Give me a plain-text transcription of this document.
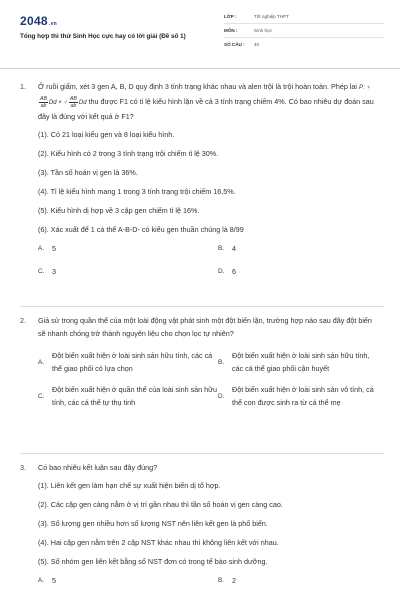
2048.vn
Tổng hợp thi thử Sinh Học cực hay có lời giải (Đề số 1)
LỚP :	Tốt nghiệp THPT
MÔN :	Sinh học
SỐ CÂU :	40
1.	Ở ruồi giấm, xét 3 gen A, B, D quy định 3 tính trạng khác nhau và alen trội là trội hoàn toàn. Phép lai P: ♀
$\frac{AB}{ab}$ Dd × ♂ $\frac{AB}{ab}$ Dd thu được F1 có tỉ lệ kiểu hình lặn về cả 3 tính trạng chiếm 4%. Có bao nhiêu dự đoán sau đây là đúng với kết quả ở F1?
(1). Có 21 loại kiểu gen và 8 loại kiểu hình.
(2). Kiểu hình có 2 trong 3 tính trạng trội chiếm tỉ lệ 30%.
(3). Tần số hoán vị gen là 36%.
(4). Tỉ lệ kiểu hình mang 1 trong 3 tính trạng trội chiếm 16,5%.
(5). Kiểu hình dị hợp về 3 cặp gen chiếm tỉ lệ 16%.
(6). Xác xuất để 1 cá thể A-B-D- có kiểu gen thuần chủng là 8/99
A.	5	B.	4
C.	3	D.	6
2.	Giả sử trong quần thể của một loài động vật phát sinh một đột biến lặn, trường hợp nào sau đây đột biến sẽ nhanh chóng trở thành nguyên liệu cho chọn lọc tự nhiên?
A.
Đột biến xuất hiện ở loài sinh sản hữu tính, các cá thể giao phối có lựa chọn
B.
Đột biến xuất hiện ở loài sinh sản hữu tính, các cá thể giao phối cận huyết
C.
Đột biến xuất hiện ở quần thể của loài sinh sản hữu tính, các cá thể tự thụ tinh
D.
Đột biến xuất hiện ở loài sinh sản vô tính, cá thể con được sinh ra từ cá thể mẹ
3.	Có bao nhiêu kết luận sau đây đúng?
(1). Liên kết gen làm hạn chế sự xuất hiện biến dị tổ hợp.
(2). Các cặp gen càng nằm ở vị trí gần nhau thì tần số hoán vị gen càng cao.
(3). Số lượng gen nhiều hơn số lượng NST nên liên kết gen là phổ biến.
(4). Hai cặp gen nằm trên 2 cặp NST khác nhau thì không liên kết với nhau.
(5). Số nhóm gen liên kết bằng số NST đơn có trong tế bào sinh dưỡng.
A.	5	B.	2
